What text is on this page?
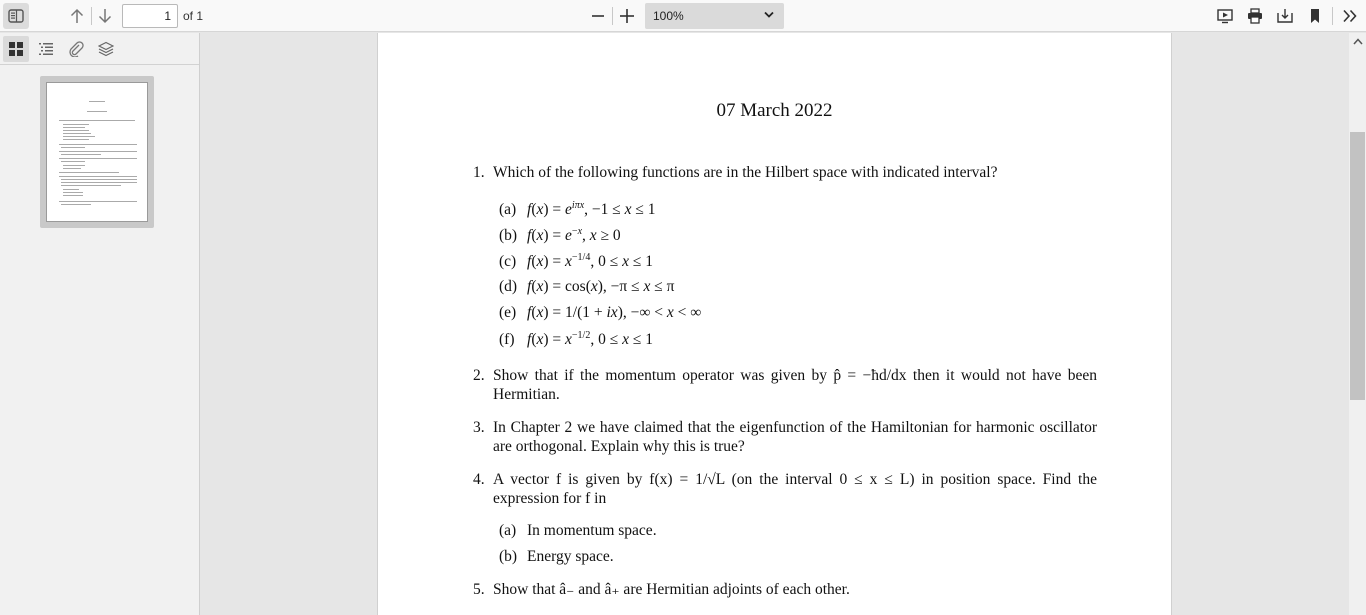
1
of 1	100%
07 March 2022
1. Which of the following functions are in the Hilbert space with indicated interval?
(a) $f(x) = e^{i\pi x}$, −1 ≤ x ≤ 1
(b) $f(x) = e^{-x}$, x ≥ 0
(c) $f(x) = x^{-1/4}$, 0 ≤ x ≤ 1
(d) f(x) = cos(x), −π ≤ x ≤ π
(e) f(x) = 1/(1 + ix), −∞ < x < ∞
(f) $f(x) = x^{-1/2}$, 0 ≤ x ≤ 1
2. Show that if the momentum operator was given by p̂ = −ħd/dx then it would not have been Hermitian.
3. In Chapter 2 we have claimed that the eigenfunction of the Hamiltonian for harmonic oscillator are orthogonal. Explain why this is true?
4. A vector f is given by f(x) = 1/√L (on the interval 0 ≤ x ≤ L) in position space. Find the expression for f in
(a) In momentum space.
(b) Energy space.
5. Show that â₋ and â₊ are Hermitian adjoints of each other.
